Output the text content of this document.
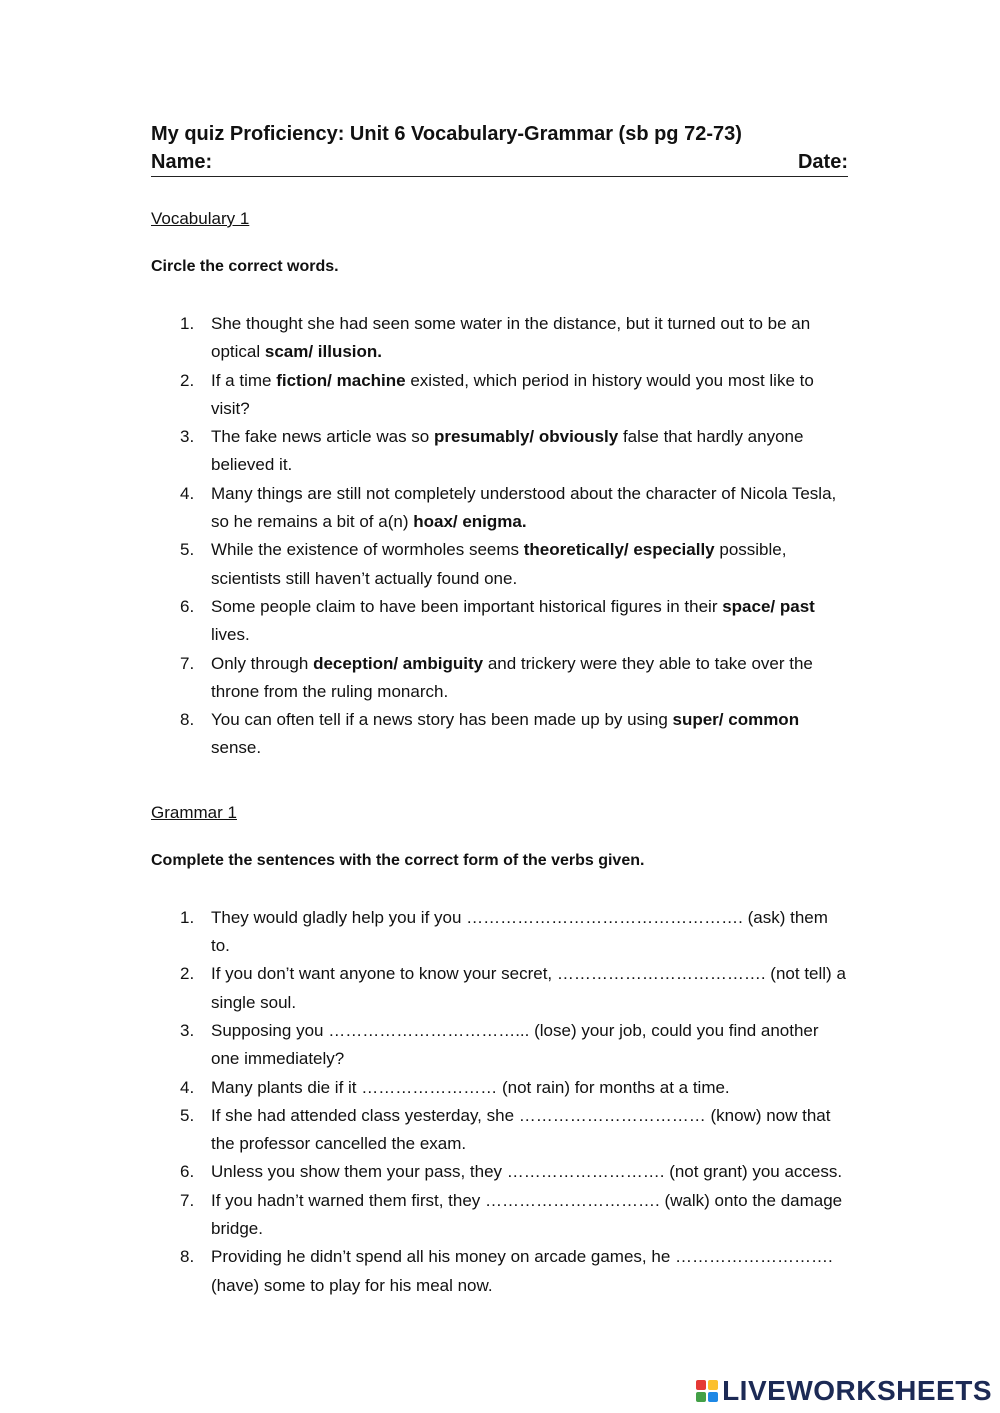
My quiz Proficiency: Unit 6 Vocabulary-Grammar (sb pg 72-73)
Name:	Date:
Vocabulary 1
Circle the correct words.
1. She thought she had seen some water in the distance, but it turned out to be an optical scam/ illusion.
2. If a time fiction/ machine existed, which period in history would you most like to visit?
3. The fake news article was so presumably/ obviously false that hardly anyone believed it.
4. Many things are still not completely understood about the character of Nicola Tesla, so he remains a bit of a(n) hoax/ enigma.
5. While the existence of wormholes seems theoretically/ especially possible, scientists still haven’t actually found one.
6. Some people claim to have been important historical figures in their space/ past lives.
7. Only through deception/ ambiguity and trickery were they able to take over the throne from the ruling monarch.
8. You can often tell if a news story has been made up by using super/ common sense.
Grammar 1
Complete the sentences with the correct form of the verbs given.
1. They would gladly help you if you …………………………………………. (ask) them to.
2. If you don’t want anyone to know your secret, ………………………………. (not tell) a single soul.
3. Supposing you ……………………………... (lose) your job, could you find another one immediately?
4. Many plants die if it …………………… (not rain) for months at a time.
5. If she had attended class yesterday, she …………………………… (know) now that the professor cancelled the exam.
6. Unless you show them your pass, they ………………………. (not grant) you access.
7. If you hadn’t warned them first, they …………………………. (walk) onto the damage bridge.
8. Providing he didn’t spend all his money on arcade games, he ………………………. (have) some to play for his meal now.
LIVEWORKSHEETS
